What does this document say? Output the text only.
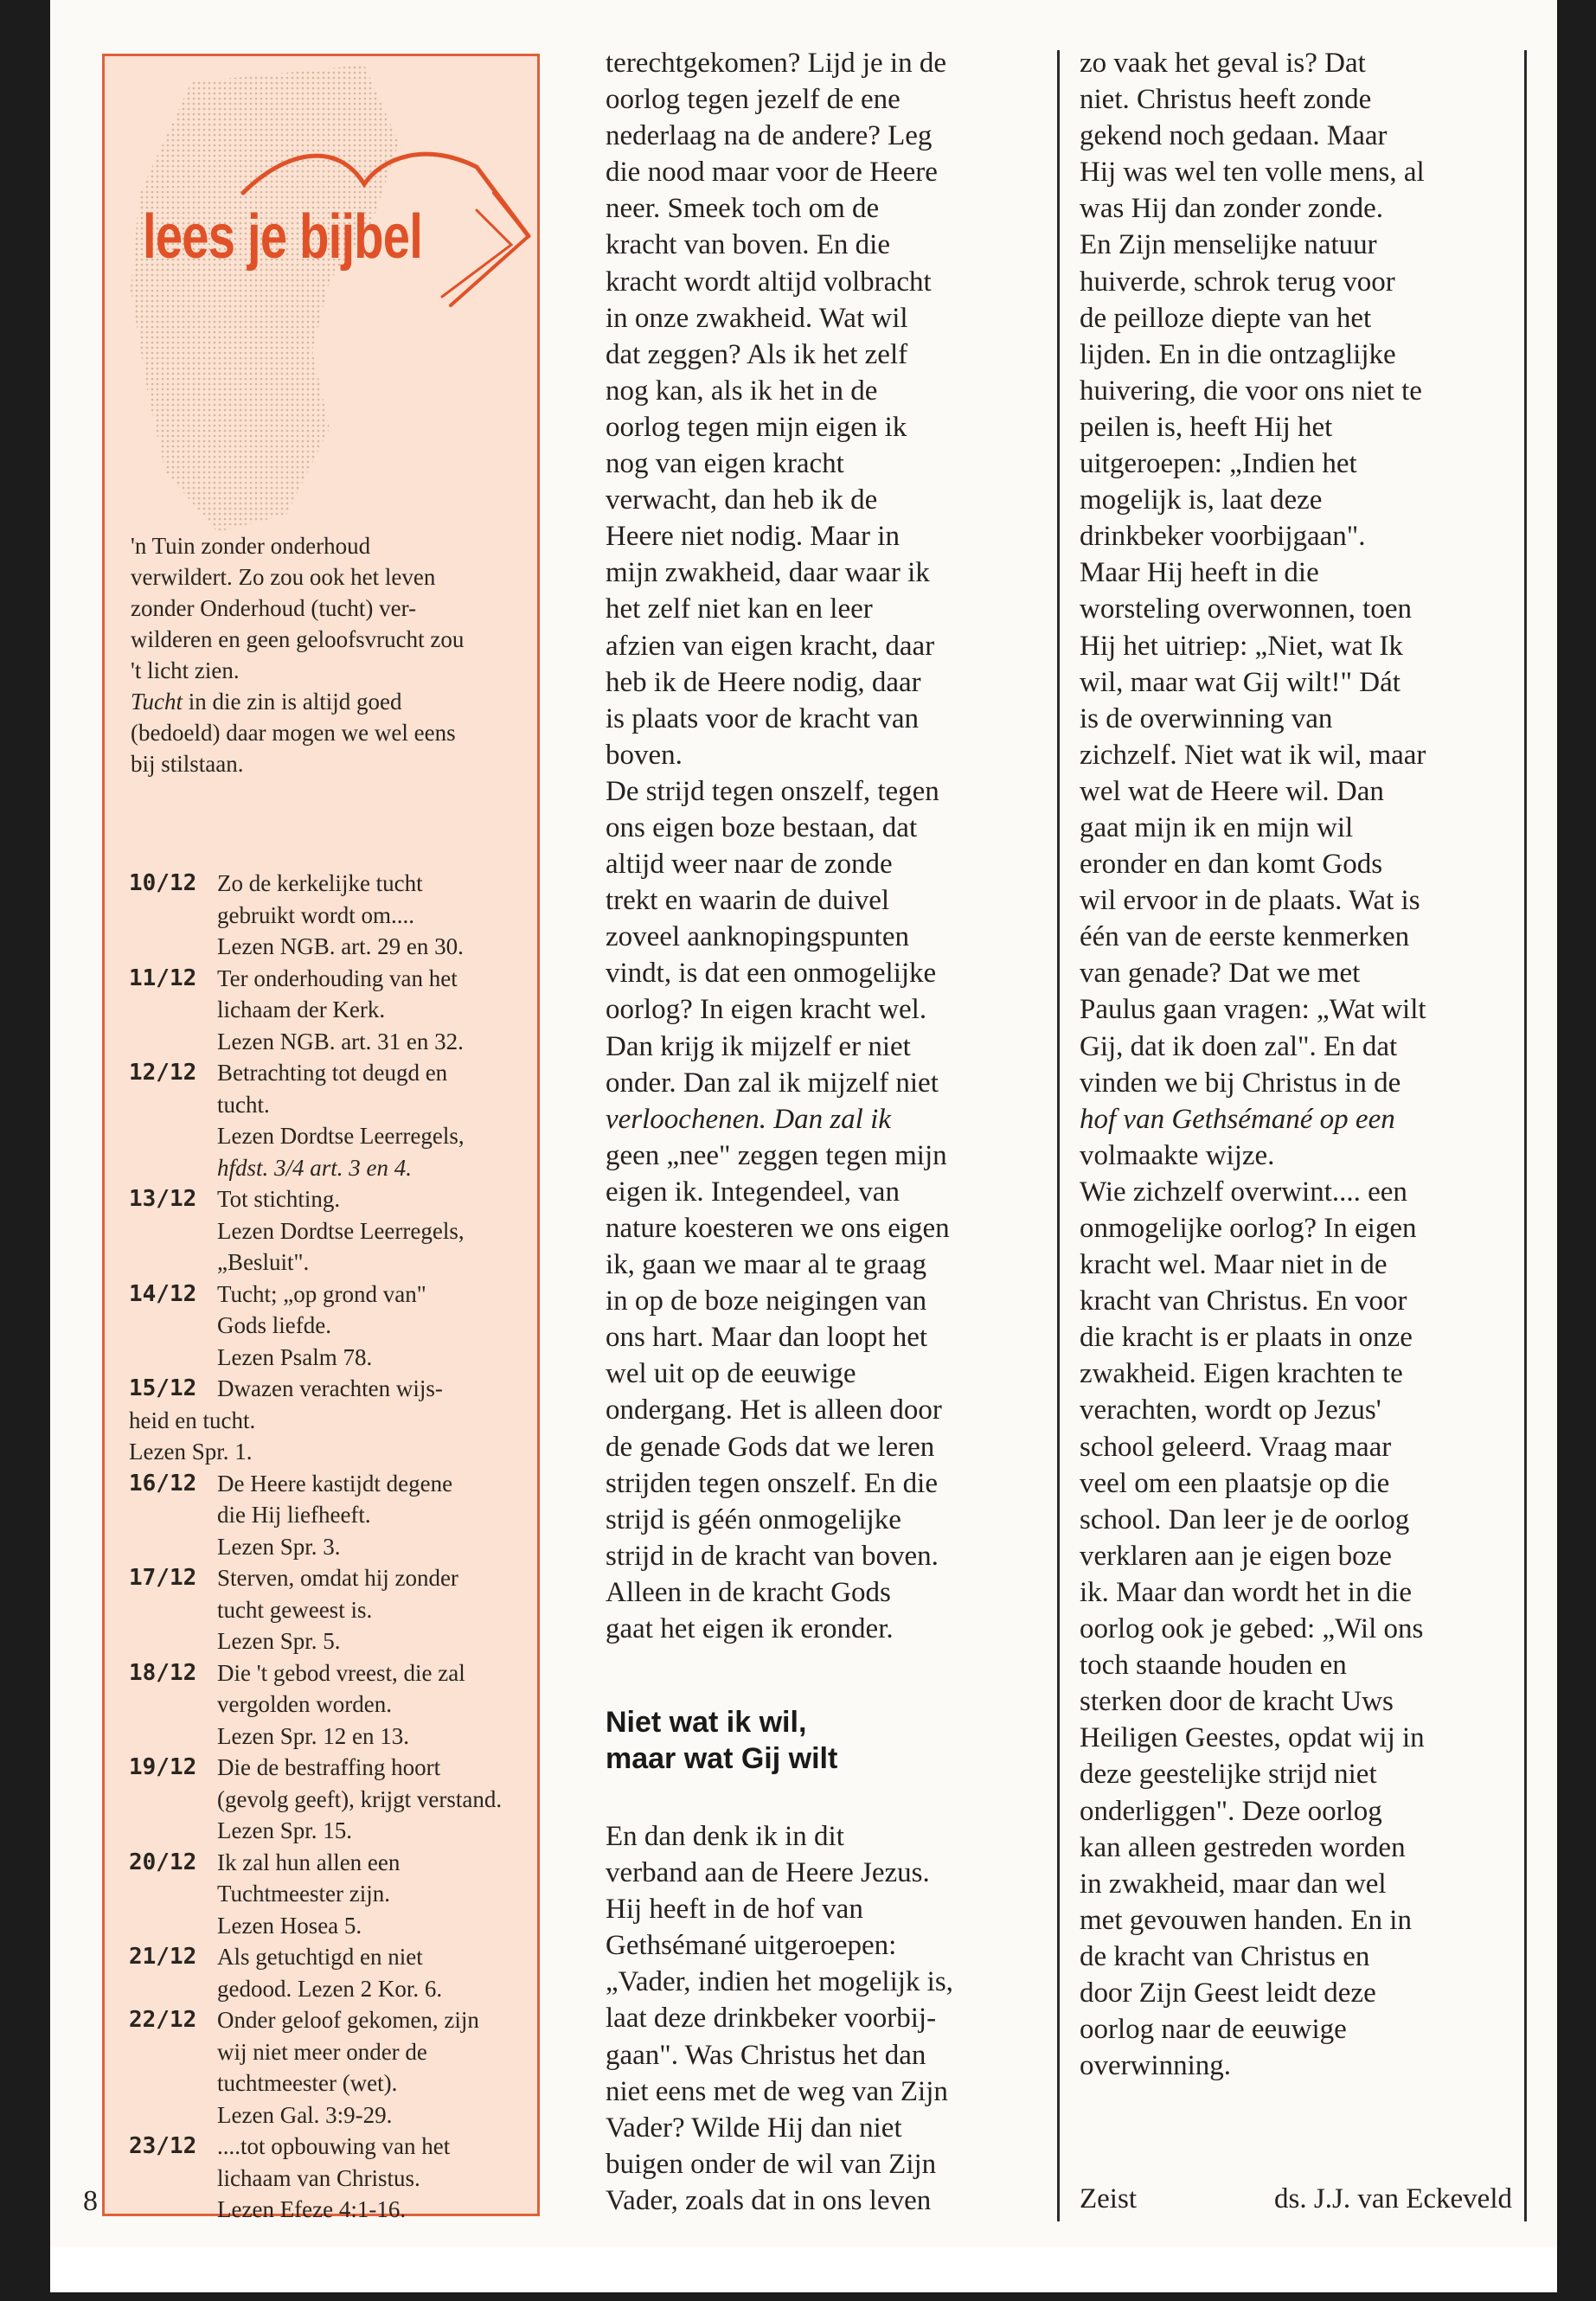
lees je bijbel

'n Tuin zonder onderhoud
verwildert. Zo zou ook het leven
zonder Onderhoud (tucht) ver-
wilderen en geen geloofsvrucht zou
't licht zien.
Tucht in die zin is altijd goed
(bedoeld) daar mogen we wel eens
bij stilstaan.

10/12 Zo de kerkelijke tucht
gebruikt wordt om....
Lezen NGB. art. 29 en 30.
11/12 Ter onderhouding van het
lichaam der Kerk.
Lezen NGB. art. 31 en 32.
12/12 Betrachting tot deugd en
tucht.
Lezen Dordtse Leerregels,
hfdst. 3/4 art. 3 en 4.
13/12 Tot stichting.
Lezen Dordtse Leerregels,
„Besluit".
14/12 Tucht; „op grond van"
Gods liefde.
Lezen Psalm 78.
15/12 Dwazen verachten wijs-
heid en tucht.
Lezen Spr. 1.
16/12 De Heere kastijdt degene
die Hij liefheeft.
Lezen Spr. 3.
17/12 Sterven, omdat hij zonder
tucht geweest is.
Lezen Spr. 5.
18/12 Die 't gebod vreest, die zal
vergolden worden.
Lezen Spr. 12 en 13.
19/12 Die de bestraffing hoort
(gevolg geeft), krijgt verstand.
Lezen Spr. 15.
20/12 Ik zal hun allen een
Tuchtmeester zijn.
Lezen Hosea 5.
21/12 Als getuchtigd en niet
gedood. Lezen 2 Kor. 6.
22/12 Onder geloof gekomen, zijn
wij niet meer onder de
tuchtmeester (wet).
Lezen Gal. 3:9-29.
23/12 ....tot opbouwing van het
lichaam van Christus.
Lezen Efeze 4:1-16.
terechtgekomen? Lijd je in de
oorlog tegen jezelf de ene
nederlaag na de andere? Leg
die nood maar voor de Heere
neer. Smeek toch om de
kracht van boven. En die
kracht wordt altijd volbracht
in onze zwakheid. Wat wil
dat zeggen? Als ik het zelf
nog kan, als ik het in de
oorlog tegen mijn eigen ik
nog van eigen kracht
verwacht, dan heb ik de
Heere niet nodig. Maar in
mijn zwakheid, daar waar ik
het zelf niet kan en leer
afzien van eigen kracht, daar
heb ik de Heere nodig, daar
is plaats voor de kracht van
boven.
De strijd tegen onszelf, tegen
ons eigen boze bestaan, dat
altijd weer naar de zonde
trekt en waarin de duivel
zoveel aanknopingspunten
vindt, is dat een onmogelijke
oorlog? In eigen kracht wel.
Dan krijg ik mijzelf er niet
onder. Dan zal ik mijzelf niet
verloochenen. Dan zal ik
geen „nee" zeggen tegen mijn
eigen ik. Integendeel, van
nature koesteren we ons eigen
ik, gaan we maar al te graag
in op de boze neigingen van
ons hart. Maar dan loopt het
wel uit op de eeuwige
ondergang. Het is alleen door
de genade Gods dat we leren
strijden tegen onszelf. En die
strijd is géén onmogelijke
strijd in de kracht van boven.
Alleen in de kracht Gods
gaat het eigen ik eronder.
Niet wat ik wil,
maar wat Gij wilt
En dan denk ik in dit
verband aan de Heere Jezus.
Hij heeft in de hof van
Gethsémané uitgeroepen:
„Vader, indien het mogelijk is,
laat deze drinkbeker voorbij-
gaan". Was Christus het dan
niet eens met de weg van Zijn
Vader? Wilde Hij dan niet
buigen onder de wil van Zijn
Vader, zoals dat in ons leven
zo vaak het geval is? Dat
niet. Christus heeft zonde
gekend noch gedaan. Maar
Hij was wel ten volle mens, al
was Hij dan zonder zonde.
En Zijn menselijke natuur
huiverde, schrok terug voor
de peilloze diepte van het
lijden. En in die ontzaglijke
huivering, die voor ons niet te
peilen is, heeft Hij het
uitgeroepen: „Indien het
mogelijk is, laat deze
drinkbeker voorbijgaan".
Maar Hij heeft in die
worsteling overwonnen, toen
Hij het uitriep: „Niet, wat Ik
wil, maar wat Gij wilt!" Dát
is de overwinning van
zichzelf. Niet wat ik wil, maar
wel wat de Heere wil. Dan
gaat mijn ik en mijn wil
eronder en dan komt Gods
wil ervoor in de plaats. Wat is
één van de eerste kenmerken
van genade? Dat we met
Paulus gaan vragen: „Wat wilt
Gij, dat ik doen zal". En dat
vinden we bij Christus in de
hof van Gethsémané op een
volmaakte wijze.
Wie zichzelf overwint.... een
onmogelijke oorlog? In eigen
kracht wel. Maar niet in de
kracht van Christus. En voor
die kracht is er plaats in onze
zwakheid. Eigen krachten te
verachten, wordt op Jezus'
school geleerd. Vraag maar
veel om een plaatsje op die
school. Dan leer je de oorlog
verklaren aan je eigen boze
ik. Maar dan wordt het in die
oorlog ook je gebed: „Wil ons
toch staande houden en
sterken door de kracht Uws
Heiligen Geestes, opdat wij in
deze geestelijke strijd niet
onderliggen". Deze oorlog
kan alleen gestreden worden
in zwakheid, maar dan wel
met gevouwen handen. En in
de kracht van Christus en
door Zijn Geest leidt deze
oorlog naar de eeuwige
overwinning.
8	Zeist	ds. J.J. van Eckeveld
